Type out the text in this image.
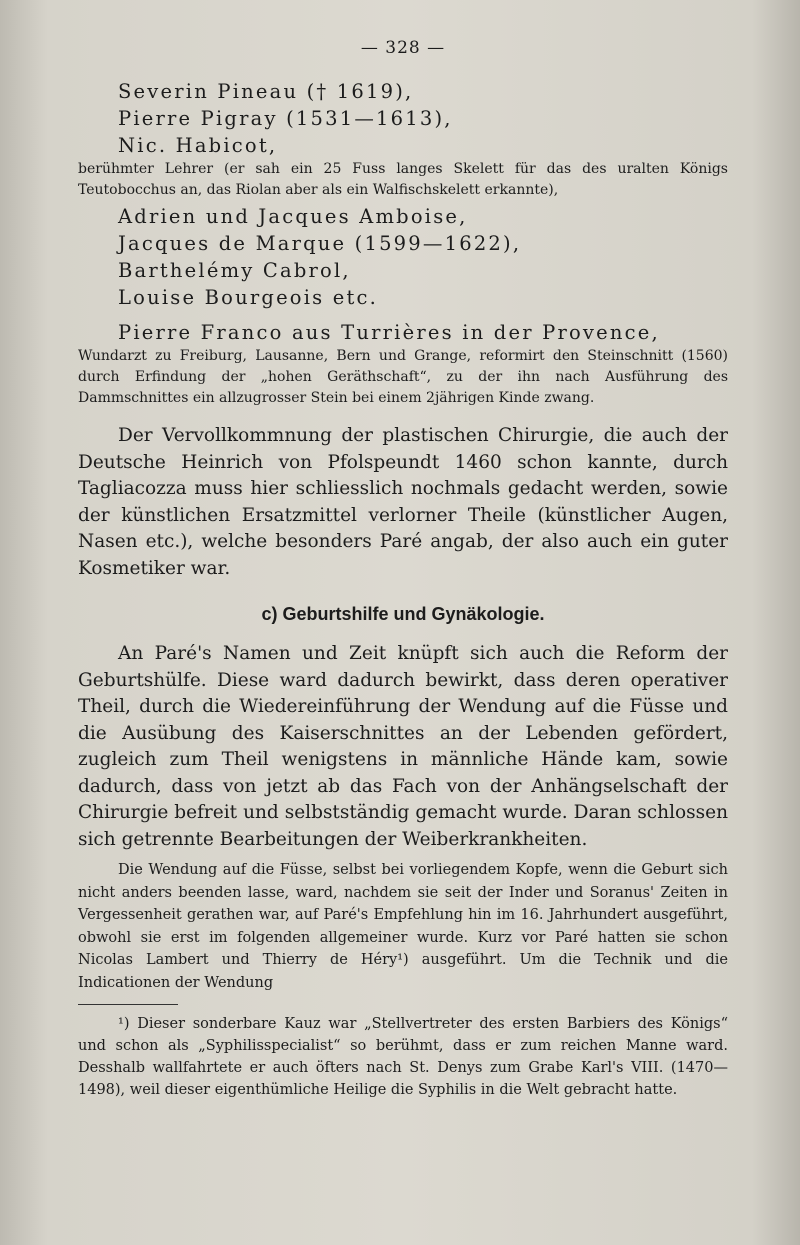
— 328 —
Severin Pineau († 1619),
Pierre Pigray (1531—1613),
Nic. Habicot,

berühmter Lehrer (er sah ein 25 Fuss langes Skelett für das des uralten Königs Teutobocchus an, das Riolan aber als ein Walfischskelett erkannte),

Adrien und Jacques Amboise,
Jacques de Marque (1599—1622),
Barthelémy Cabrol,
Louise Bourgeois etc.
Pierre Franco aus Turrières in der Provence,

Wundarzt zu Freiburg, Lausanne, Bern und Grange, reformirt den Steinschnitt (1560) durch Erfindung der „hohen Geräthschaft“, zu der ihn nach Ausführung des Dammschnittes ein allzugrosser Stein bei einem 2jährigen Kinde zwang.

Der Vervollkommnung der plastischen Chirurgie, die auch der Deutsche Heinrich von Pfolspeundt 1460 schon kannte, durch Tagliacozza muss hier schliesslich nochmals gedacht werden, sowie der künstlichen Ersatzmittel verlorner Theile (künstlicher Augen, Nasen etc.), welche besonders Paré angab, der also auch ein guter Kosmetiker war.

c) Geburtshilfe und Gynäkologie.

An Paré's Namen und Zeit knüpft sich auch die Reform der Geburtshülfe. Diese ward dadurch bewirkt, dass deren operativer Theil, durch die Wiedereinführung der Wendung auf die Füsse und die Ausübung des Kaiserschnittes an der Lebenden gefördert, zugleich zum Theil wenigstens in männliche Hände kam, sowie dadurch, dass von jetzt ab das Fach von der Anhängselschaft der Chirurgie befreit und selbstständig gemacht wurde. Daran schlossen sich getrennte Bearbeitungen der Weiberkrankheiten.

Die Wendung auf die Füsse, selbst bei vorliegendem Kopfe, wenn die Geburt sich nicht anders beenden lasse, ward, nachdem sie seit der Inder und Soranus' Zeiten in Vergessenheit gerathen war, auf Paré's Empfehlung hin im 16. Jahrhundert ausgeführt, obwohl sie erst im folgenden allgemeiner wurde. Kurz vor Paré hatten sie schon Nicolas Lambert und Thierry de Héry¹) ausgeführt. Um die Technik und die Indicationen der Wendung

¹) Dieser sonderbare Kauz war „Stellvertreter des ersten Barbiers des Königs“ und schon als „Syphilisspecialist“ so berühmt, dass er zum reichen Manne ward. Desshalb wallfahrtete er auch öfters nach St. Denys zum Grabe Karl's VIII. (1470—1498), weil dieser eigenthümliche Heilige die Syphilis in die Welt gebracht hatte.
